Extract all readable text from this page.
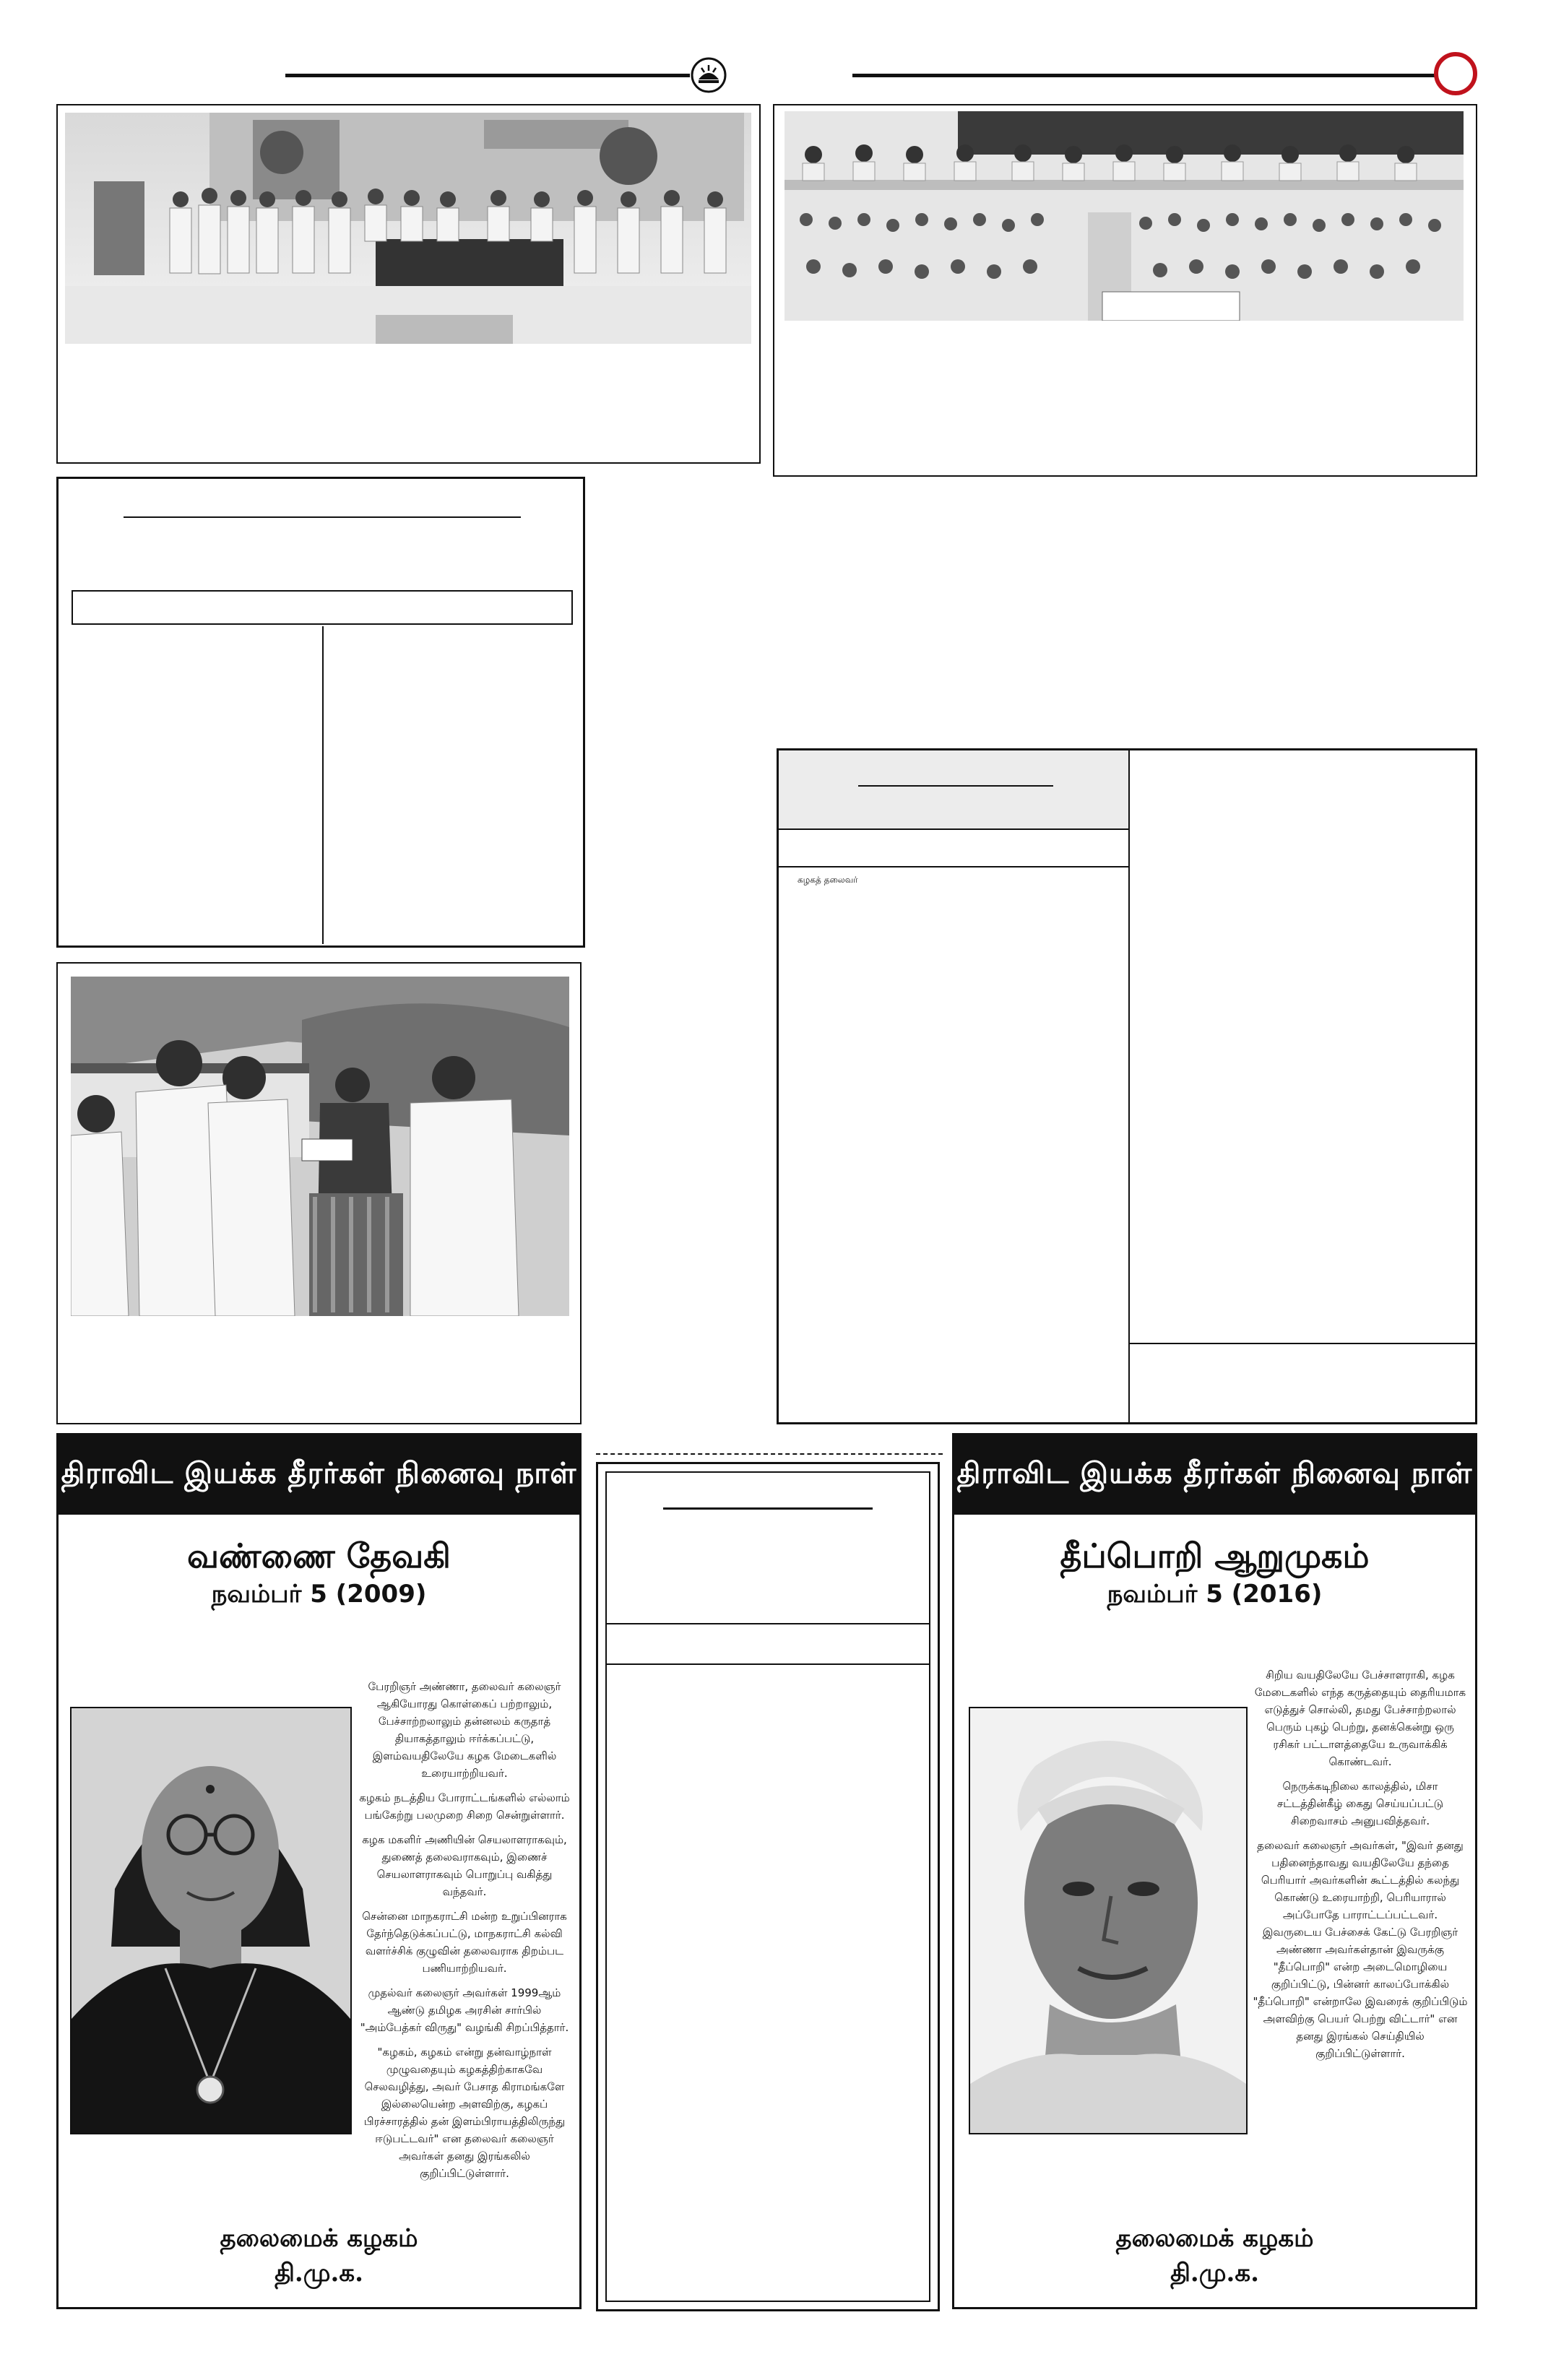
கழகத் தலைவர்
திராவிட இயக்க தீரர்கள் நினைவு நாள்
வண்ணை தேவகி
நவம்பர் 5 (2009)

பேரறிஞர் அண்ணா, தலைவர் கலைஞர் ஆகியோரது கொள்கைப் பற்றாலும், பேச்சாற்றலாலும் தன்னலம் கருதாத் தியாகத்தாலும் ஈர்க்கப்பட்டு, இளம்வயதிலேயே கழக மேடைகளில் உரையாற்றியவர்.

கழகம் நடத்திய போராட்டங்களில் எல்லாம் பங்கேற்று பலமுறை சிறை சென்றுள்ளார்.

கழக மகளிர் அணியின் செயலாளராகவும், துணைத் தலைவராகவும், இணைச் செயலாளராகவும் பொறுப்பு வகித்து வந்தவர்.

சென்னை மாநகராட்சி மன்ற உறுப்பினராக தேர்ந்தெடுக்கப்பட்டு, மாநகராட்சி கல்வி வளர்ச்சிக் குழுவின் தலைவராக திறம்பட பணியாற்றியவர்.

முதல்வர் கலைஞர் அவர்கள் 1999ஆம் ஆண்டு தமிழக அரசின் சார்பில் "அம்பேத்கர் விருது" வழங்கி சிறப்பித்தார்.

"கழகம், கழகம் என்று தன்வாழ்நாள் முழுவதையும் கழகத்திற்காகவே செலவழித்து, அவர் பேசாத கிராமங்களே இல்லையென்ற அளவிற்கு, கழகப் பிரச்சாரத்தில் தன் இளம்பிராயத்திலிருந்து ஈடுபட்டவர்" என தலைவர் கலைஞர் அவர்கள் தனது இரங்கலில் குறிப்பிட்டுள்ளார்.

தலைமைக் கழகம்
தி.மு.க.
திராவிட இயக்க தீரர்கள் நினைவு நாள்
தீப்பொறி ஆறுமுகம்
நவம்பர் 5 (2016)

சிறிய வயதிலேயே பேச்சாளராகி, கழக மேடைகளில் எந்த கருத்தையும் தைரியமாக எடுத்துச் சொல்லி, தமது பேச்சாற்றலால் பெரும் புகழ் பெற்று, தனக்கென்று ஒரு ரசிகர் பட்டாளத்தையே உருவாக்கிக் கொண்டவர்.

நெருக்கடிநிலை காலத்தில், மிசா சட்டத்தின்கீழ் கைது செய்யப்பட்டு சிறைவாசம் அனுபவித்தவர்.

தலைவர் கலைஞர் அவர்கள், "இவர் தனது பதினைந்தாவது வயதிலேயே தந்தை பெரியார் அவர்களின் கூட்டத்தில் கலந்து கொண்டு உரையாற்றி, பெரியாரால் அப்போதே பாராட்டப்பட்டவர். இவருடைய பேச்சைக் கேட்டு பேரறிஞர் அண்ணா அவர்கள்தான் இவருக்கு "தீப்பொறி" என்ற அடைமொழியை குறிப்பிட்டு, பின்னர் காலப்போக்கில் "தீப்பொறி" என்றாலே இவரைக் குறிப்பிடும் அளவிற்கு பெயர் பெற்று விட்டார்" என தனது இரங்கல் செய்தியில் குறிப்பிட்டுள்ளார்.

தலைமைக் கழகம்
தி.மு.க.
